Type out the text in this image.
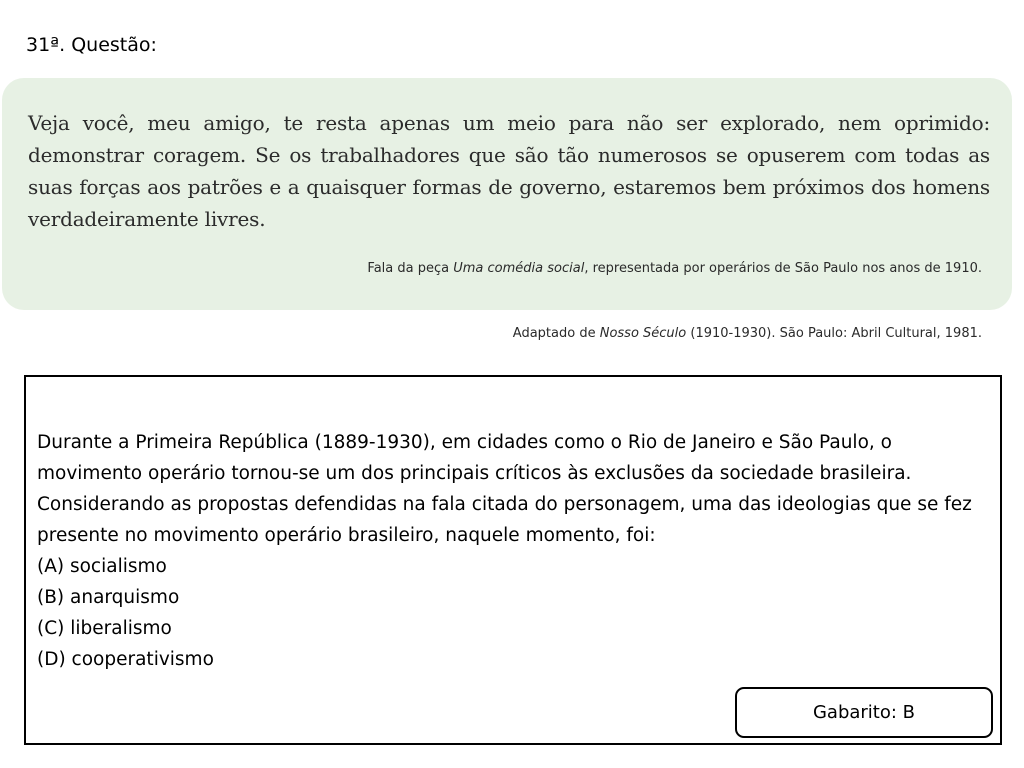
31ª. Questão:

Veja você, meu amigo, te resta apenas um meio para não ser explorado, nem oprimido: demonstrar coragem. Se os trabalhadores que são tão numerosos se opuserem com todas as suas forças aos patrões e a quaisquer formas de governo, estaremos bem próximos dos homens verdadeiramente livres.

Fala da peça Uma comédia social, representada por operários de São Paulo nos anos de 1910.
Adaptado de Nosso Século (1910-1930). São Paulo: Abril Cultural, 1981.

Durante a Primeira República (1889-1930), em cidades como o Rio de Janeiro e São Paulo, o movimento operário tornou-se um dos principais críticos às exclusões da sociedade brasileira.

Considerando as propostas defendidas na fala citada do personagem, uma das ideologias que se fez presente no movimento operário brasileiro, naquele momento, foi:

(A) socialismo
(B) anarquismo
(C) liberalismo
(D) cooperativismo
Gabarito: B
